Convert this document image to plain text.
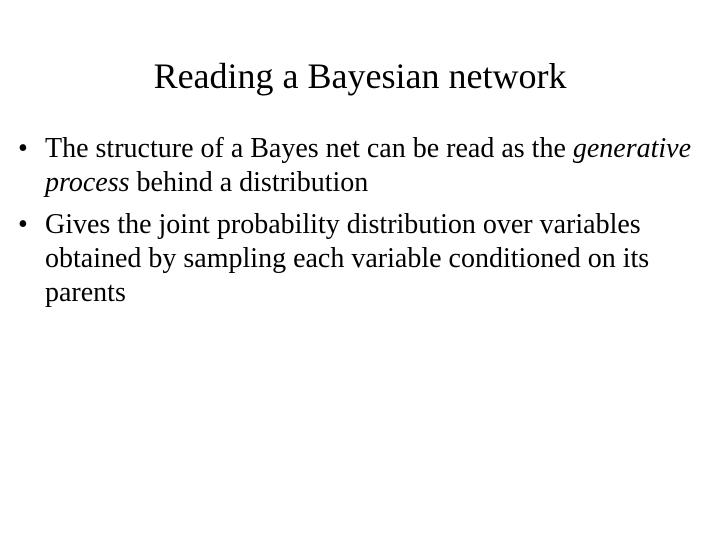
Reading a Bayesian network
• The structure of a Bayes net can be read as the generative process behind a distribution
• Gives the joint probability distribution over variables obtained by sampling each variable conditioned on its parents
